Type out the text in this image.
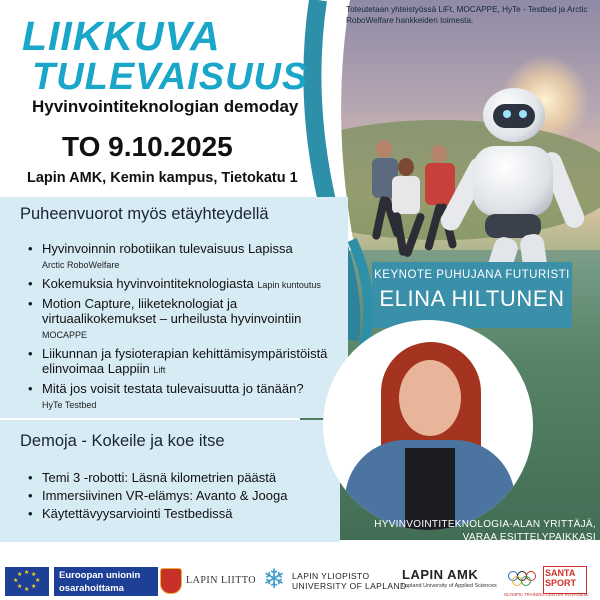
LIIKKUVA
TULEVAISUUS
Hyvinvointiteknologian demoday
TO 9.10.2025
Lapin AMK, Kemin kampus, Tietokatu 1
Toteutetaan yhteistyössä LiFt, MOCAPPE, HyTe - Testbed ja Arctic RoboWelfare hankkeiden toimesta.
Puheenvuorot myös etäyhteydellä
• Hyvinvoinnin robotiikan tulevaisuus Lapissa
Arctic RoboWelfare
• Kokemuksia hyvinvointiteknologiasta Lapin kuntoutus
• Motion Capture, liiketeknologiat ja virtuaalikokemukset – urheilusta hyvinvointiin
MOCAPPE
• Liikunnan ja fysioterapian kehittämisympäristöistä elinvoimaa Lappiin Lift
• Mitä jos voisit testata tulevaisuutta jo tänään?
HyTe Testbed
Demoja - Kokeile ja koe itse
• Temi 3 -robotti: Läsnä kilometrien päästä
• Immersiivinen VR-elämys: Avanto & Jooga
• Käytettävyysarviointi Testbedissä
KEYNOTE PUHUJANA FUTURISTI
ELINA HILTUNEN
HYVINVOINTITEKNOLOGIA-ALAN YRITTÄJÄ,
VARAA ESITTELYPAIKKASI MIKAEL.KOJO@LAPINAMK.FI
★ ★
★
★
★
★
★
★	Euroopan unionin
osarahoittama
LAPIN LIITTO ❄ LAPIN YLIOPISTO
UNIVERSITY OF LAPLAND
LAPIN AMK
Lapland University of Applied Sciences
SANTA
SPORT
OLYMPIC TRAINING CENTER ROVANIEMI
